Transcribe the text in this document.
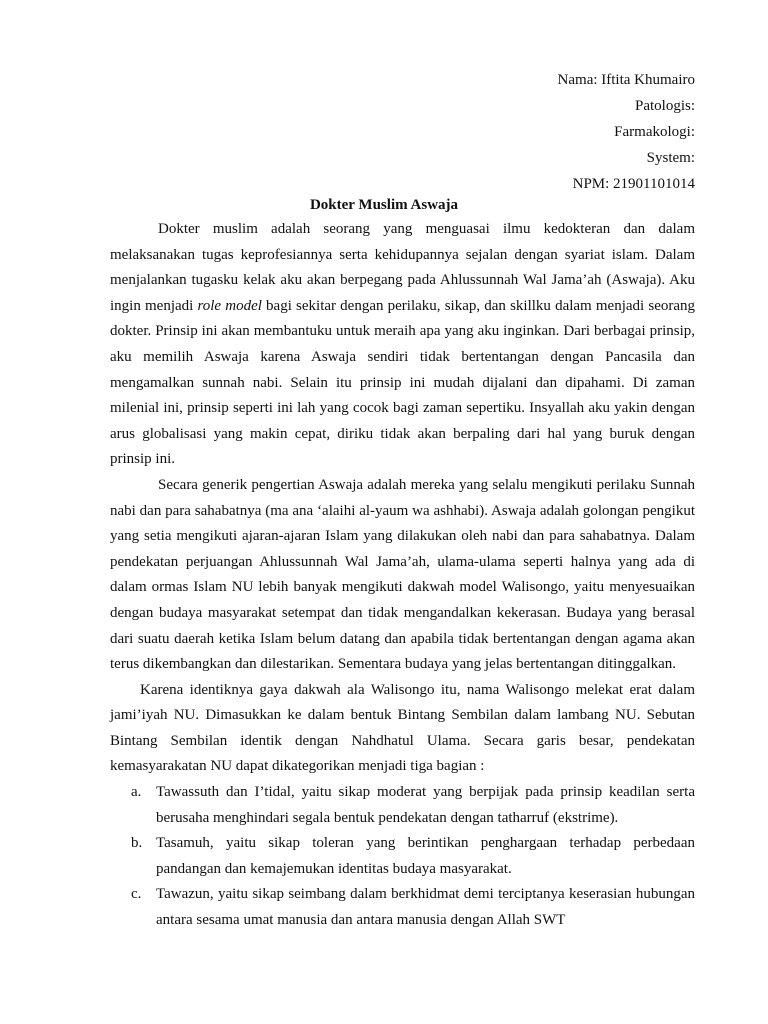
Nama: Iftita Khumairo
Patologis:
Farmakologi:
System:
NPM: 21901101014
Dokter Muslim Aswaja

Dokter muslim adalah seorang yang menguasai ilmu kedokteran dan dalam melaksanakan tugas keprofesiannya serta kehidupannya sejalan dengan syariat islam. Dalam menjalankan tugasku kelak aku akan berpegang pada Ahlussunnah Wal Jama’ah (Aswaja). Aku ingin menjadi role model bagi sekitar dengan perilaku, sikap, dan skillku dalam menjadi seorang dokter. Prinsip ini akan membantuku untuk meraih apa yang aku inginkan. Dari berbagai prinsip, aku memilih Aswaja karena Aswaja sendiri tidak bertentangan dengan Pancasila dan mengamalkan sunnah nabi. Selain itu prinsip ini mudah dijalani dan dipahami. Di zaman milenial ini, prinsip seperti ini lah yang cocok bagi zaman sepertiku. Insyallah aku yakin dengan arus globalisasi yang makin cepat, diriku tidak akan berpaling dari hal yang buruk dengan prinsip ini.

Secara generik pengertian Aswaja adalah mereka yang selalu mengikuti perilaku Sunnah nabi dan para sahabatnya (ma ana ‘alaihi al-yaum wa ashhabi). Aswaja adalah golongan pengikut yang setia mengikuti ajaran-ajaran Islam yang dilakukan oleh nabi dan para sahabatnya. Dalam pendekatan perjuangan Ahlussunnah Wal Jama’ah, ulama-ulama seperti halnya yang ada di dalam ormas Islam NU lebih banyak mengikuti dakwah model Walisongo, yaitu menyesuaikan dengan budaya masyarakat setempat dan tidak mengandalkan kekerasan. Budaya yang berasal dari suatu daerah ketika Islam belum datang dan apabila tidak bertentangan dengan agama akan terus dikembangkan dan dilestarikan. Sementara budaya yang jelas bertentangan ditinggalkan.

Karena identiknya gaya dakwah ala Walisongo itu, nama Walisongo melekat erat dalam jami’iyah NU. Dimasukkan ke dalam bentuk Bintang Sembilan dalam lambang NU. Sebutan Bintang Sembilan identik dengan Nahdhatul Ulama. Secara garis besar, pendekatan kemasyarakatan NU dapat dikategorikan menjadi tiga bagian :

a. Tawassuth dan I’tidal, yaitu sikap moderat yang berpijak pada prinsip keadilan serta berusaha menghindari segala bentuk pendekatan dengan tatharruf (ekstrime).
b. Tasamuh, yaitu sikap toleran yang berintikan penghargaan terhadap perbedaan pandangan dan kemajemukan identitas budaya masyarakat.
c. Tawazun, yaitu sikap seimbang dalam berkhidmat demi terciptanya keserasian hubungan antara sesama umat manusia dan antara manusia dengan Allah SWT
